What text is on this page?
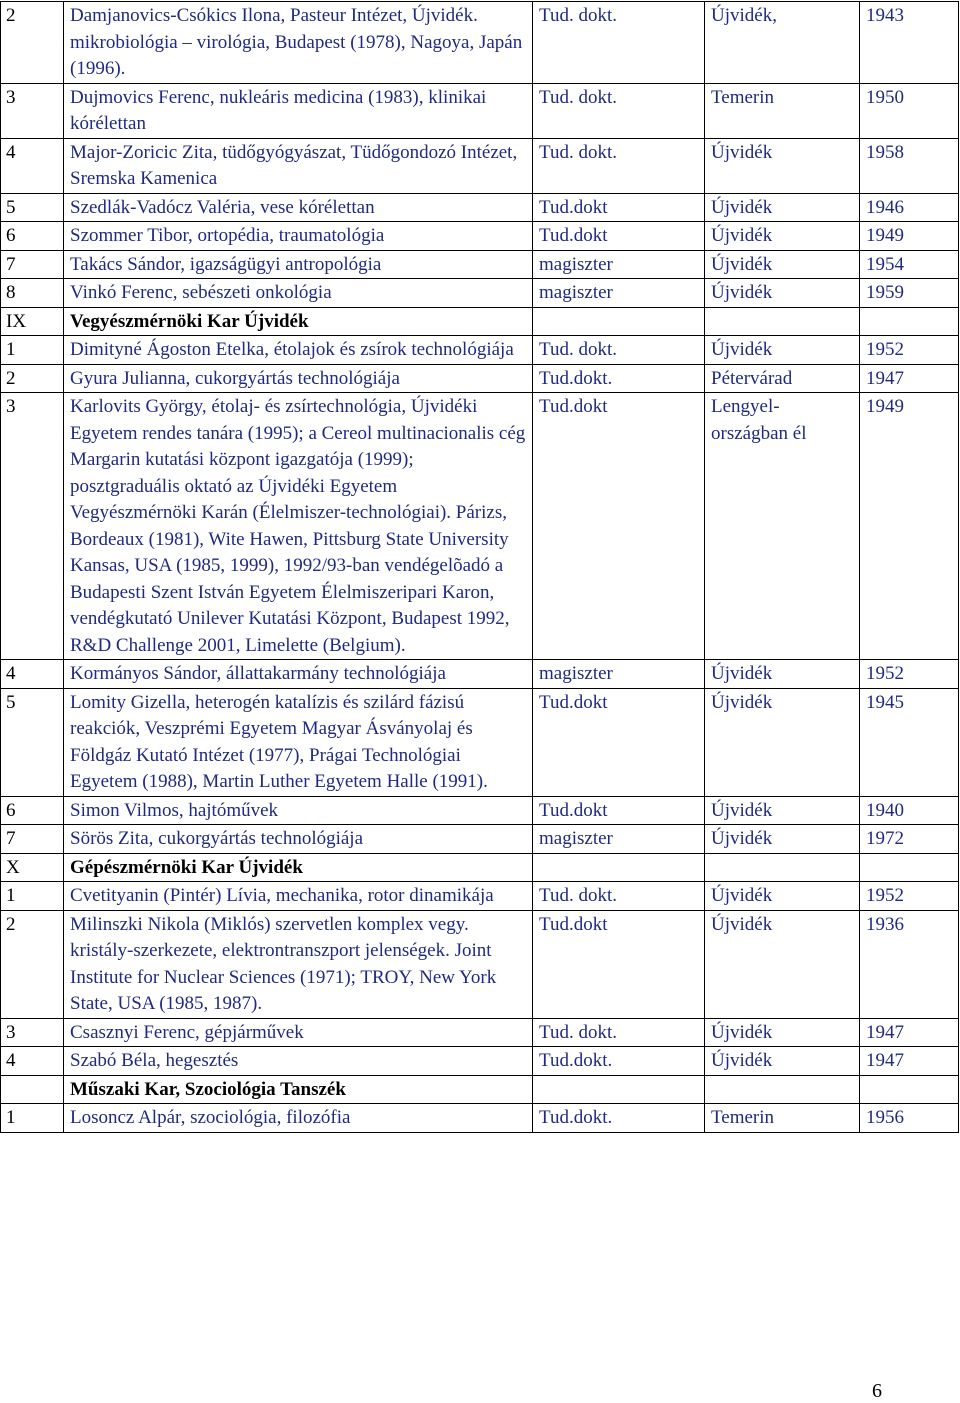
2	Damjanovics-Csókics Ilona, Pasteur Intézet, Újvidék. mikrobiológia – virológia, Budapest (1978), Nagoya, Japán (1996).	Tud. dokt.	Újvidék,	1943
3	Dujmovics Ferenc, nukleáris medicina (1983), klinikai kórélettan	Tud. dokt.	Temerin	1950
4	Major-Zoricic Zita, tüdőgyógyászat, Tüdőgondozó Intézet, Sremska Kamenica	Tud. dokt.	Újvidék	1958
5	Szedlák-Vadócz Valéria, vese kórélettan	Tud.dokt	Újvidék	1946
6	Szommer Tibor, ortopédia, traumatológia	Tud.dokt	Újvidék	1949
7	Takács Sándor, igazságügyi antropológia	magiszter	Újvidék	1954
8	Vinkó Ferenc, sebészeti onkológia	magiszter	Újvidék	1959
IX	Vegyészmérnöki Kar Újvidék			
1	Dimityné Ágoston Etelka, étolajok és zsírok technológiája	Tud. dokt.	Újvidék	1952
2	Gyura Julianna, cukorgyártás technológiája	Tud.dokt.	Pétervárad	1947
3	Karlovits György, étolaj- és zsírtechnológia, Újvidéki Egyetem rendes tanára (1995); a Cereol multinacionalis cég Margarin kutatási központ igazgatója (1999); posztgraduális oktató az Újvidéki Egyetem Vegyészmérnöki Karán (Élelmiszer-technológiai). Párizs, Bordeaux (1981), Wite Hawen, Pittsburg State University Kansas, USA (1985, 1999), 1992/93-ban vendégelõadó a Budapesti Szent István Egyetem Élelmiszeripari Karon, vendégkutató Unilever Kutatási Központ, Budapest 1992, R&D Challenge 2001, Limelette (Belgium).	Tud.dokt	Lengyel-országban él	1949
4	Kormányos Sándor, állattakarmány technológiája	magiszter	Újvidék	1952
5	Lomity Gizella, heterogén katalízis és szilárd fázisú reakciók, Veszprémi Egyetem Magyar Ásványolaj és Földgáz Kutató Intézet (1977), Prágai Technológiai Egyetem (1988), Martin Luther Egyetem Halle (1991).	Tud.dokt	Újvidék	1945
6	Simon Vilmos, hajtóművek	Tud.dokt	Újvidék	1940
7	Sörös Zita, cukorgyártás technológiája	magiszter	Újvidék	1972
X	Gépészmérnöki Kar Újvidék			
1	Cvetityanin (Pintér) Lívia, mechanika, rotor dinamikája	Tud. dokt.	Újvidék	1952
2	Milinszki Nikola (Miklós) szervetlen komplex vegy. kristály-szerkezete, elektrontranszport jelenségek. Joint Institute for Nuclear Sciences (1971); TROY, New York State, USA (1985, 1987).	Tud.dokt	Újvidék	1936
3	Csasznyi Ferenc, gépjárművek	Tud. dokt.	Újvidék	1947
4	Szabó Béla, hegesztés	Tud.dokt.	Újvidék	1947
	Műszaki Kar, Szociológia Tanszék			
1	Losoncz Alpár, szociológia, filozófia	Tud.dokt.	Temerin	1956
6
